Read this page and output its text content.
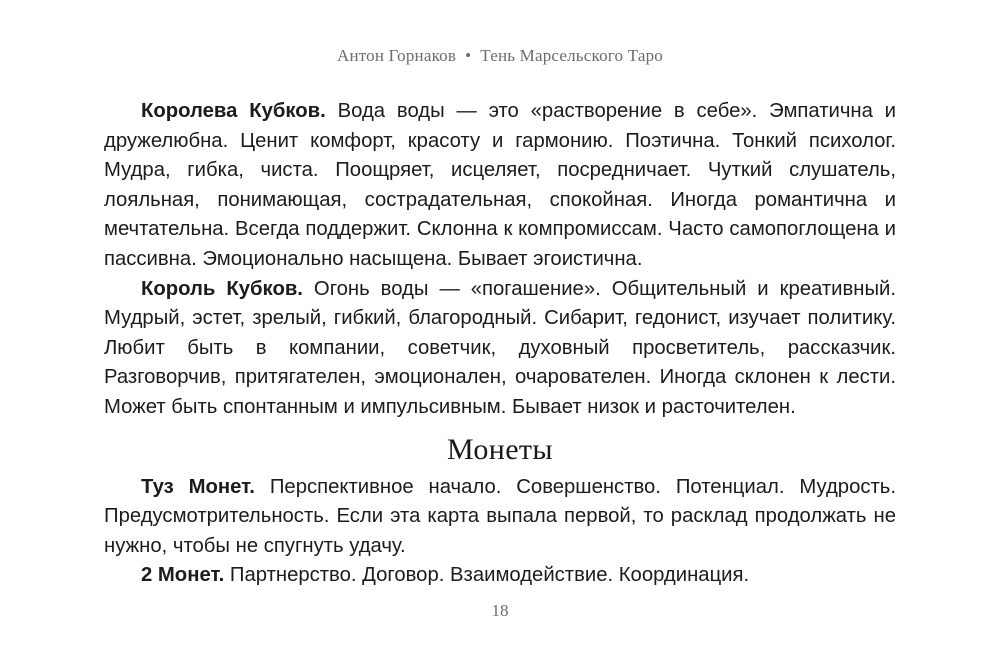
Антон Горнаков • Тень Марсельского Таро

Королева Кубков. Вода воды — это «растворение в себе». Эмпатична и дружелюбна. Ценит комфорт, красоту и гармонию. Поэтична. Тонкий психолог. Мудра, гибка, чиста. Поощряет, исцеляет, посредничает. Чуткий слушатель, лояльная, понимающая, сострадательная, спокойная. Иногда романтична и мечтательна. Всегда поддержит. Склонна к компромиссам. Часто самопоглощена и пассивна. Эмоционально насыщена. Бывает эгоистична.

Король Кубков. Огонь воды — «погашение». Общительный и креативный. Мудрый, эстет, зрелый, гибкий, благородный. Сибарит, гедонист, изучает политику. Любит быть в компании, советчик, духовный просветитель, рассказчик. Разговорчив, притягателен, эмоционален, очарователен. Иногда склонен к лести. Может быть спонтанным и импульсивным. Бывает низок и расточителен.

Монеты

Туз Монет. Перспективное начало. Совершенство. Потенциал. Мудрость. Предусмотрительность. Если эта карта выпала первой, то расклад продолжать не нужно, чтобы не спугнуть удачу.

2 Монет. Партнерство. Договор. Взаимодействие. Координация.

18
